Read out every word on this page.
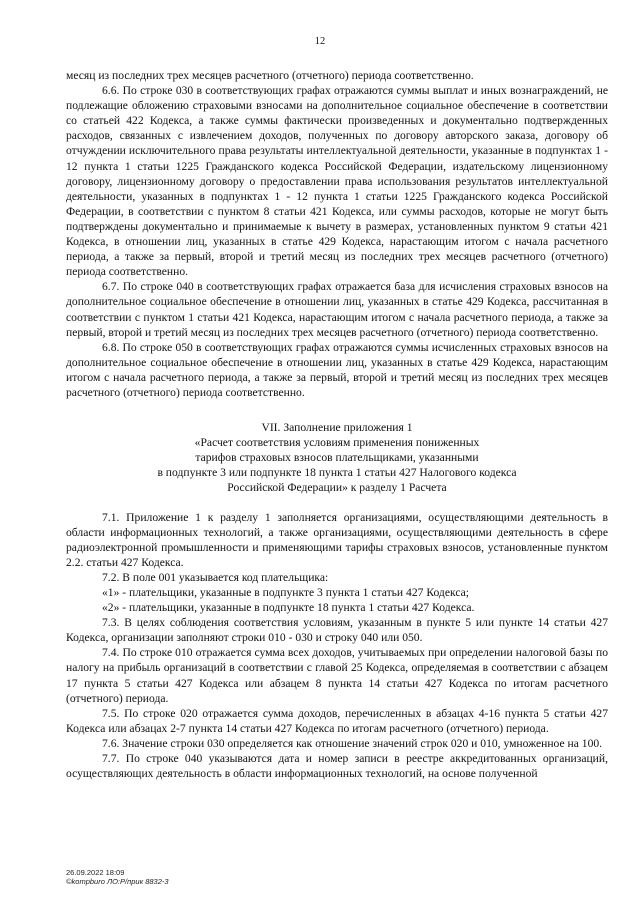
12

месяц из последних трех месяцев расчетного (отчетного) периода соответственно.

6.6. По строке 030 в соответствующих графах отражаются суммы выплат и иных вознаграждений, не подлежащие обложению страховыми взносами на дополнительное социальное обеспечение в соответствии со статьей 422 Кодекса, а также суммы фактически произведенных и документально подтвержденных расходов, связанных с извлечением доходов, полученных по договору авторского заказа, договору об отчуждении исключительного права результаты интеллектуальной деятельности, указанные в подпунктах 1 - 12 пункта 1 статьи 1225 Гражданского кодекса Российской Федерации, издательскому лицензионному договору, лицензионному договору о предоставлении права использования результатов интеллектуальной деятельности, указанных в подпунктах 1 - 12 пункта 1 статьи 1225 Гражданского кодекса Российской Федерации, в соответствии с пунктом 8 статьи 421 Кодекса, или суммы расходов, которые не могут быть подтверждены документально и принимаемые к вычету в размерах, установленных пунктом 9 статьи 421 Кодекса, в отношении лиц, указанных в статье 429 Кодекса, нарастающим итогом с начала расчетного периода, а также за первый, второй и третий месяц из последних трех месяцев расчетного (отчетного) периода соответственно.

6.7. По строке 040 в соответствующих графах отражается база для исчисления страховых взносов на дополнительное социальное обеспечение в отношении лиц, указанных в статье 429 Кодекса, рассчитанная в соответствии с пунктом 1 статьи 421 Кодекса, нарастающим итогом с начала расчетного периода, а также за первый, второй и третий месяц из последних трех месяцев расчетного (отчетного) периода соответственно.

6.8. По строке 050 в соответствующих графах отражаются суммы исчисленных страховых взносов на дополнительное социальное обеспечение в отношении лиц, указанных в статье 429 Кодекса, нарастающим итогом с начала расчетного периода, а также за первый, второй и третий месяц из последних трех месяцев расчетного (отчетного) периода соответственно.

VII. Заполнение приложения 1
«Расчет соответствия условиям применения пониженных
тарифов страховых взносов плательщиками, указанными
в подпункте 3 или подпункте 18 пункта 1 статьи 427 Налогового кодекса
Российской Федерации» к разделу 1 Расчета

7.1. Приложение 1 к разделу 1 заполняется организациями, осуществляющими деятельность в области информационных технологий, а также организациями, осуществляющими деятельность в сфере радиоэлектронной промышленности и применяющими тарифы страховых взносов, установленные пунктом 2.2. статьи 427 Кодекса.

7.2. В поле 001 указывается код плательщика:

«1» - плательщики, указанные в подпункте 3 пункта 1 статьи 427 Кодекса;

«2» - плательщики, указанные в подпункте 18 пункта 1 статьи 427 Кодекса.

7.3. В целях соблюдения соответствия условиям, указанным в пункте 5 или пункте 14 статьи 427 Кодекса, организации заполняют строки 010 - 030 и строку 040 или 050.

7.4. По строке 010 отражается сумма всех доходов, учитываемых при определении налоговой базы по налогу на прибыль организаций в соответствии с главой 25 Кодекса, определяемая в соответствии с абзацем 17 пункта 5 статьи 427 Кодекса или абзацем 8 пункта 14 статьи 427 Кодекса по итогам расчетного (отчетного) периода.

7.5. По строке 020 отражается сумма доходов, перечисленных в абзацах 4-16 пункта 5 статьи 427 Кодекса или абзацах 2-7 пункта 14 статьи 427 Кодекса по итогам расчетного (отчетного) периода.

7.6. Значение строки 030 определяется как отношение значений строк 020 и 010, умноженное на 100.

7.7. По строке 040 указываются дата и номер записи в реестре аккредитованных организаций, осуществляющих деятельность в области информационных технологий, на основе полученной

26.09.2022 18:09
©kompburo ЛО:Р/прик 8832-3
